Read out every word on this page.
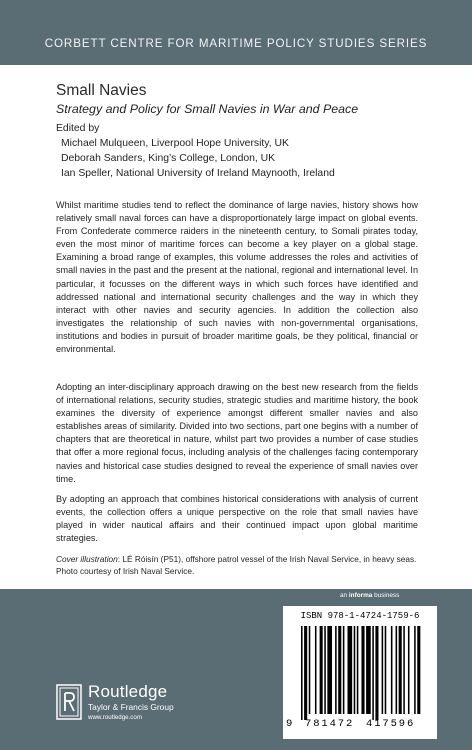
CORBETT CENTRE FOR MARITIME POLICY STUDIES SERIES
Small Navies
Strategy and Policy for Small Navies in War and Peace
Edited by
Michael Mulqueen, Liverpool Hope University, UK
Deborah Sanders, King’s College, London, UK
Ian Speller, National University of Ireland Maynooth, Ireland

Whilst maritime studies tend to reflect the dominance of large navies, history shows how relatively small naval forces can have a disproportionately large impact on global events. From Confederate commerce raiders in the nineteenth century, to Somali pirates today, even the most minor of maritime forces can become a key player on a global stage. Examining a broad range of examples, this volume addresses the roles and activities of small navies in the past and the present at the national, regional and international level. In particular, it focusses on the different ways in which such forces have identified and addressed national and international security challenges and the way in which they interact with other navies and security agencies. In addition the collection also investigates the relationship of such navies with non-governmental organisations, institutions and bodies in pursuit of broader maritime goals, be they political, financial or environmental.

Adopting an inter-disciplinary approach drawing on the best new research from the fields of international relations, security studies, strategic studies and maritime history, the book examines the diversity of experience amongst different smaller navies and also establishes areas of similarity. Divided into two sections, part one begins with a number of chapters that are theoretical in nature, whilst part two provides a number of case studies that offer a more regional focus, including analysis of the challenges facing contemporary navies and historical case studies designed to reveal the experience of small navies over time.

By adopting an approach that combines historical considerations with analysis of current events, the collection offers a unique perspective on the role that small navies have played in wider nautical affairs and their continued impact upon global maritime strategies.

Cover illustration: LÉ Róisín (P51), offshore patrol vessel of the Irish Naval Service, in heavy seas. Photo courtesy of Irish Naval Service.

an informa business
ISBN 978-1-4724-1759-6
9 781472 417596
Routledge
Taylor & Francis Group
www.routledge.com
